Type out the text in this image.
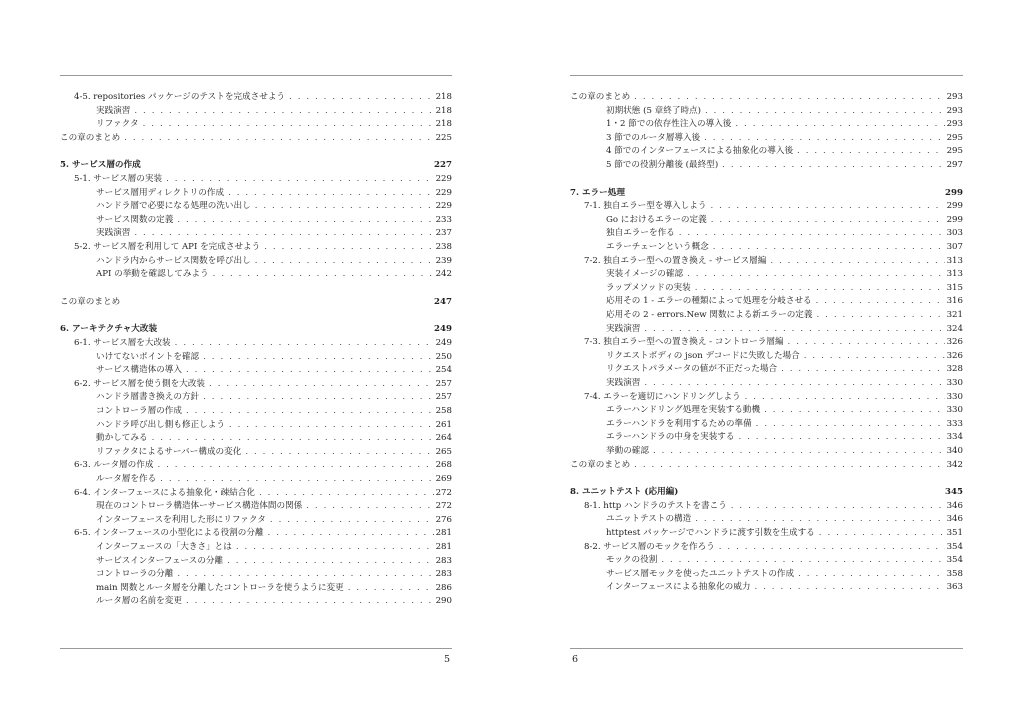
4-5. repositories パッケージのテストを完成させよう . . .	218
実践演習 . . .	218
リファクタ . . .	218
この章のまとめ . . .	225
5. サービス層の作成	227
5-1. サービス層の実装 . . .	229
サービス層用ディレクトリの作成 . . .	229
ハンドラ層で必要になる処理の洗い出し . . .	229
サービス関数の定義 . . .	233
実践演習 . . .	237
5-2. サービス層を利用して API を完成させよう . . .	238
ハンドラ内からサービス関数を呼び出し . . .	239
API の挙動を確認してみよう . . .	242
この章のまとめ	247
6. アーキテクチャ大改装	249
6-1. サービス層を大改装 . . .	249
いけてないポイントを確認 . . .	250
サービス構造体の導入 . . .	254
6-2. サービス層を使う側を大改装 . . .	257
ハンドラ層書き換えの方針 . . .	257
コントローラ層の作成 . . .	258
ハンドラ呼び出し側も修正しよう . . .	261
動かしてみる . . .	264
リファクタによるサーバー構成の変化 . . .	265
6-3. ルータ層の作成 . . .	268
ルータ層を作る . . .	269
6-4. インターフェースによる抽象化・疎結合化 . . .	272
現在のコントローラ構造体ーサービス構造体間の関係 . . .	272
インターフェースを利用した形にリファクタ . . .	276
6-5. インターフェースの小型化による役割の分離 . . .	281
インターフェースの「大きさ」とは . . .	281
サービスインターフェースの分離 . . .	283
コントローラの分離 . . .	283
main 関数とルータ層を分離したコントローラを使うように変更 . . .	286
ルータ層の名前を変更 . . .	290
5
この章のまとめ . . .	293
初期状態 (5 章終了時点) . . .	293
1・2 節での依存性注入の導入後 . . .	293
3 節でのルータ層導入後 . . .	295
4 節でのインターフェースによる抽象化の導入後 . . .	295
5 節での役割分離後 (最終型) . . .	297
7. エラー処理	299
7-1. 独自エラー型を導入しよう . . .	299
Go におけるエラーの定義 . . .	299
独自エラーを作る . . .	303
エラーチェーンという概念 . . .	307
7-2. 独自エラー型への置き換え - サービス層編 . . .	313
実装イメージの確認 . . .	313
ラップメソッドの実装 . . .	315
応用その 1 - エラーの種類によって処理を分岐させる . . .	316
応用その 2 - errors.New 関数による新エラーの定義 . . .	321
実践演習 . . .	324
7-3. 独自エラー型への置き換え - コントローラ層編 . . .	326
リクエストボディの json デコードに失敗した場合 . . .	326
リクエストパラメータの値が不正だった場合 . . .	328
実践演習 . . .	330
7-4. エラーを適切にハンドリングしよう . . .	330
エラーハンドリング処理を実装する動機 . . .	330
エラーハンドラを利用するための準備 . . .	333
エラーハンドラの中身を実装する . . .	334
挙動の確認 . . .	340
この章のまとめ . . .	342
8. ユニットテスト (応用編)	345
8-1. http ハンドラのテストを書こう . . .	346
ユニットテストの構造 . . .	346
httptest パッケージでハンドラに渡す引数を生成する . . .	351
8-2. サービス層のモックを作ろう . . .	354
モックの役割 . . .	354
サービス層モックを使ったユニットテストの作成 . . .	358
インターフェースによる抽象化の威力 . . .	363
6
